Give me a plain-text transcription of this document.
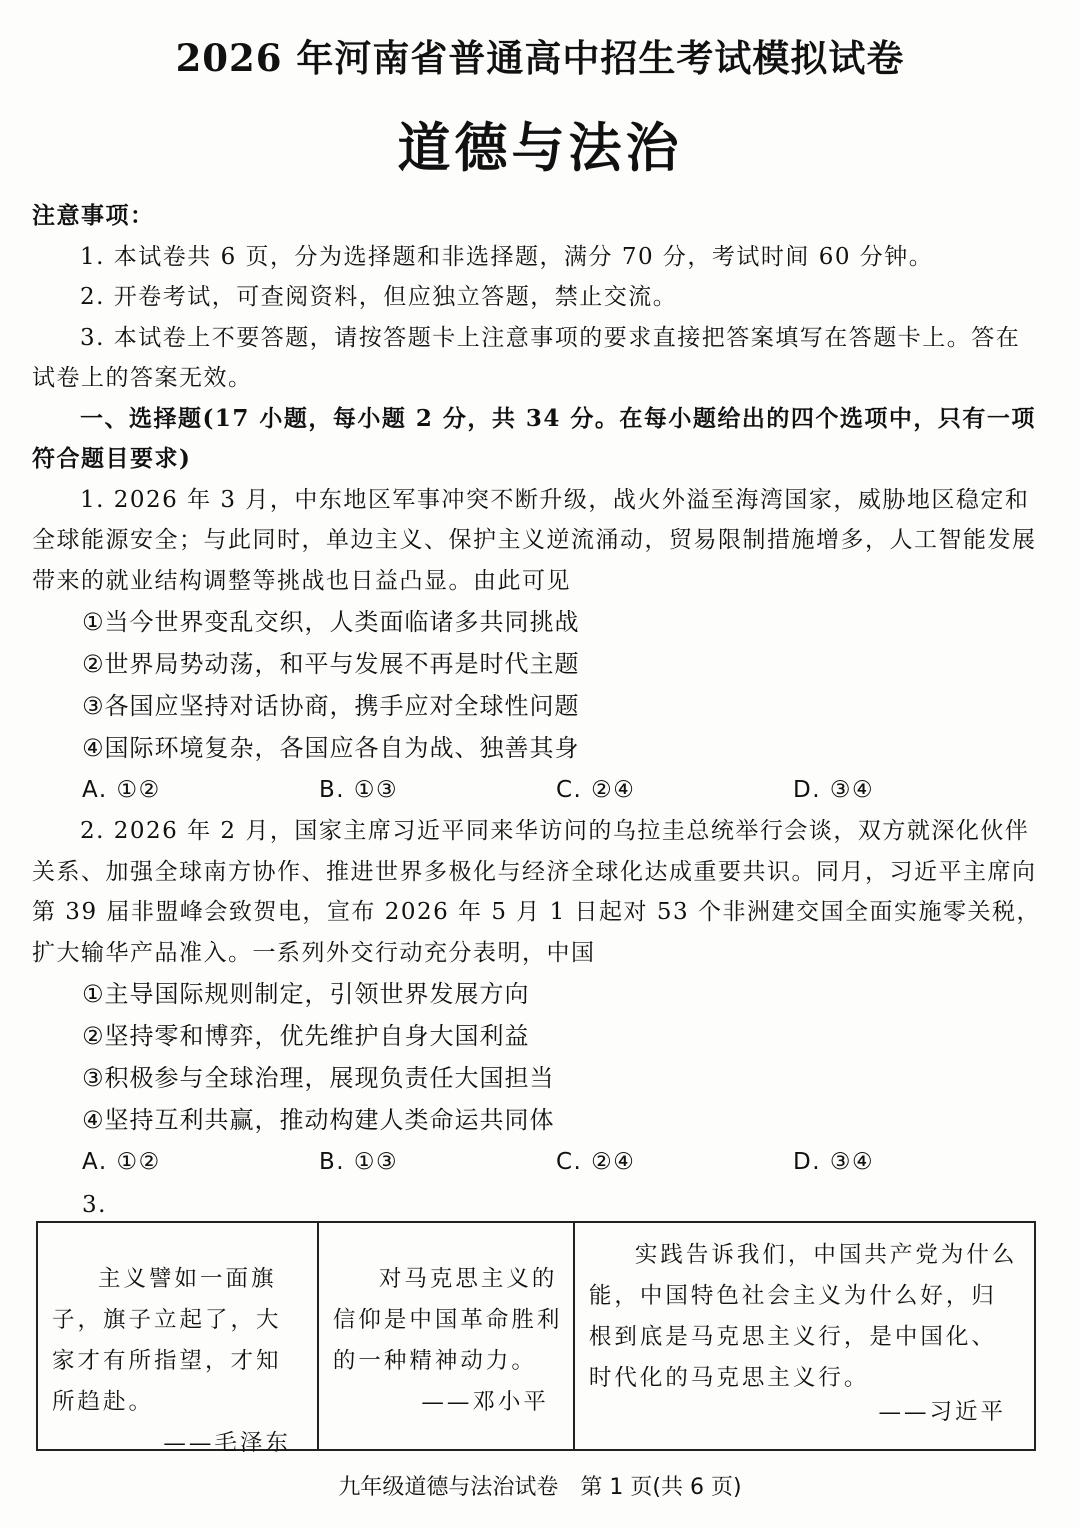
2026 年河南省普通高中招生考试模拟试卷
道德与法治

注意事项：

1. 本试卷共 6 页，分为选择题和非选择题，满分 70 分，考试时间 60 分钟。

2. 开卷考试，可查阅资料，但应独立答题，禁止交流。

3. 本试卷上不要答题，请按答题卡上注意事项的要求直接把答案填写在答题卡上。答在试卷上的答案无效。

一、选择题(17 小题，每小题 2 分，共 34 分。在每小题给出的四个选项中，只有一项符合题目要求)

1. 2026 年 3 月，中东地区军事冲突不断升级，战火外溢至海湾国家，威胁地区稳定和全球能源安全；与此同时，单边主义、保护主义逆流涌动，贸易限制措施增多，人工智能发展带来的就业结构调整等挑战也日益凸显。由此可见

①当今世界变乱交织，人类面临诸多共同挑战

②世界局势动荡，和平与发展不再是时代主题

③各国应坚持对话协商，携手应对全球性问题

④国际环境复杂，各国应各自为战、独善其身

A. ①②	B. ①③	C. ②④	D. ③④

2. 2026 年 2 月，国家主席习近平同来华访问的乌拉圭总统举行会谈，双方就深化伙伴关系、加强全球南方协作、推进世界多极化与经济全球化达成重要共识。同月，习近平主席向第 39 届非盟峰会致贺电，宣布 2026 年 5 月 1 日起对 53 个非洲建交国全面实施零关税，扩大输华产品准入。一系列外交行动充分表明，中国

①主导国际规则制定，引领世界发展方向

②坚持零和博弈，优先维护自身大国利益

③积极参与全球治理，展现负责任大国担当

④坚持互利共赢，推动构建人类命运共同体

A. ①②	B. ①③	C. ②④	D. ③④

3.

主义譬如一面旗子，旗子立起了，大家才有所指望，才知所趋赴。
——毛泽东
对马克思主义的信仰是中国革命胜利的一种精神动力。
——邓小平
实践告诉我们，中国共产党为什么能，中国特色社会主义为什么好，归根到底是马克思主义行，是中国化、时代化的马克思主义行。
——习近平
九年级道德与法治试卷　第 1 页(共 6 页)
